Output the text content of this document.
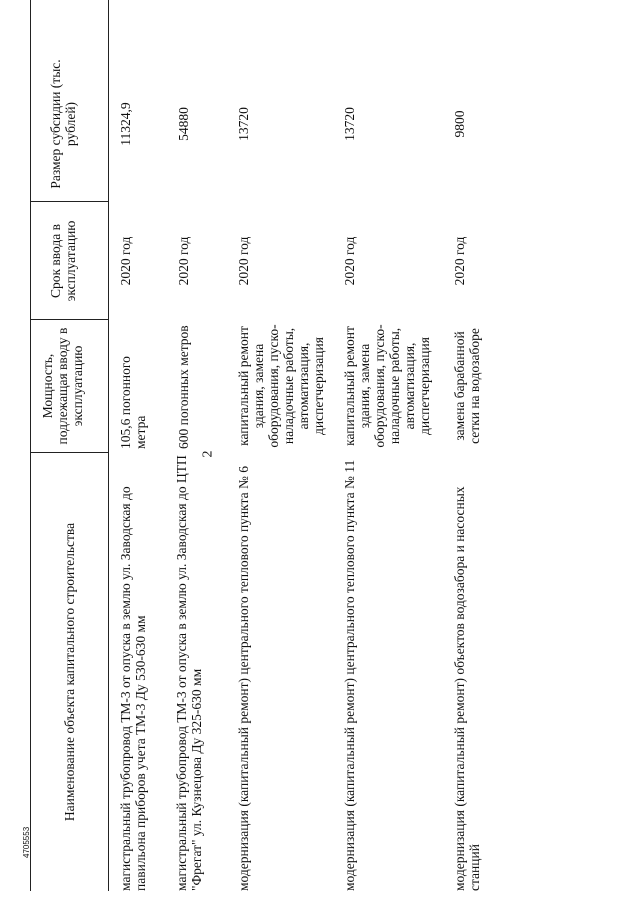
Наименование объекта капитального строительства
Мощность, подлежащая вводу в эксплуатацию
Срок ввода в эксплуатацию
Размер субсидии (тыс. рублей)
магистральный трубопровод ТМ-3 от опуска в землю ул. Заводская до павильона приборов учета ТМ-3 Ду 530-630 мм
105,6 погонного метра
2020 год
11324,9
магистральный трубопровод ТМ-3 от опуска в землю ул. Заводская до ЦТП "Фрегат" ул. Кузнецова Ду 325-630 мм
600 погонных метров
2020 год
54880
модернизация (капитальный ремонт) центрального теплового пункта № 6
капитальный ремонт здания, замена оборудования, пуско-наладочные работы, автоматизация, диспетчеризация
2020 год
13720
модернизация (капитальный ремонт) центрального теплового пункта № 11
капитальный ремонт здания, замена оборудования, пуско-наладочные работы, автоматизация, диспетчеризация
2020 год
13720
модернизация (капитальный ремонт) объектов водозабора и насосных станций
замена барабанной сетки на водозаборе
2020 год
9800
2
4705553
